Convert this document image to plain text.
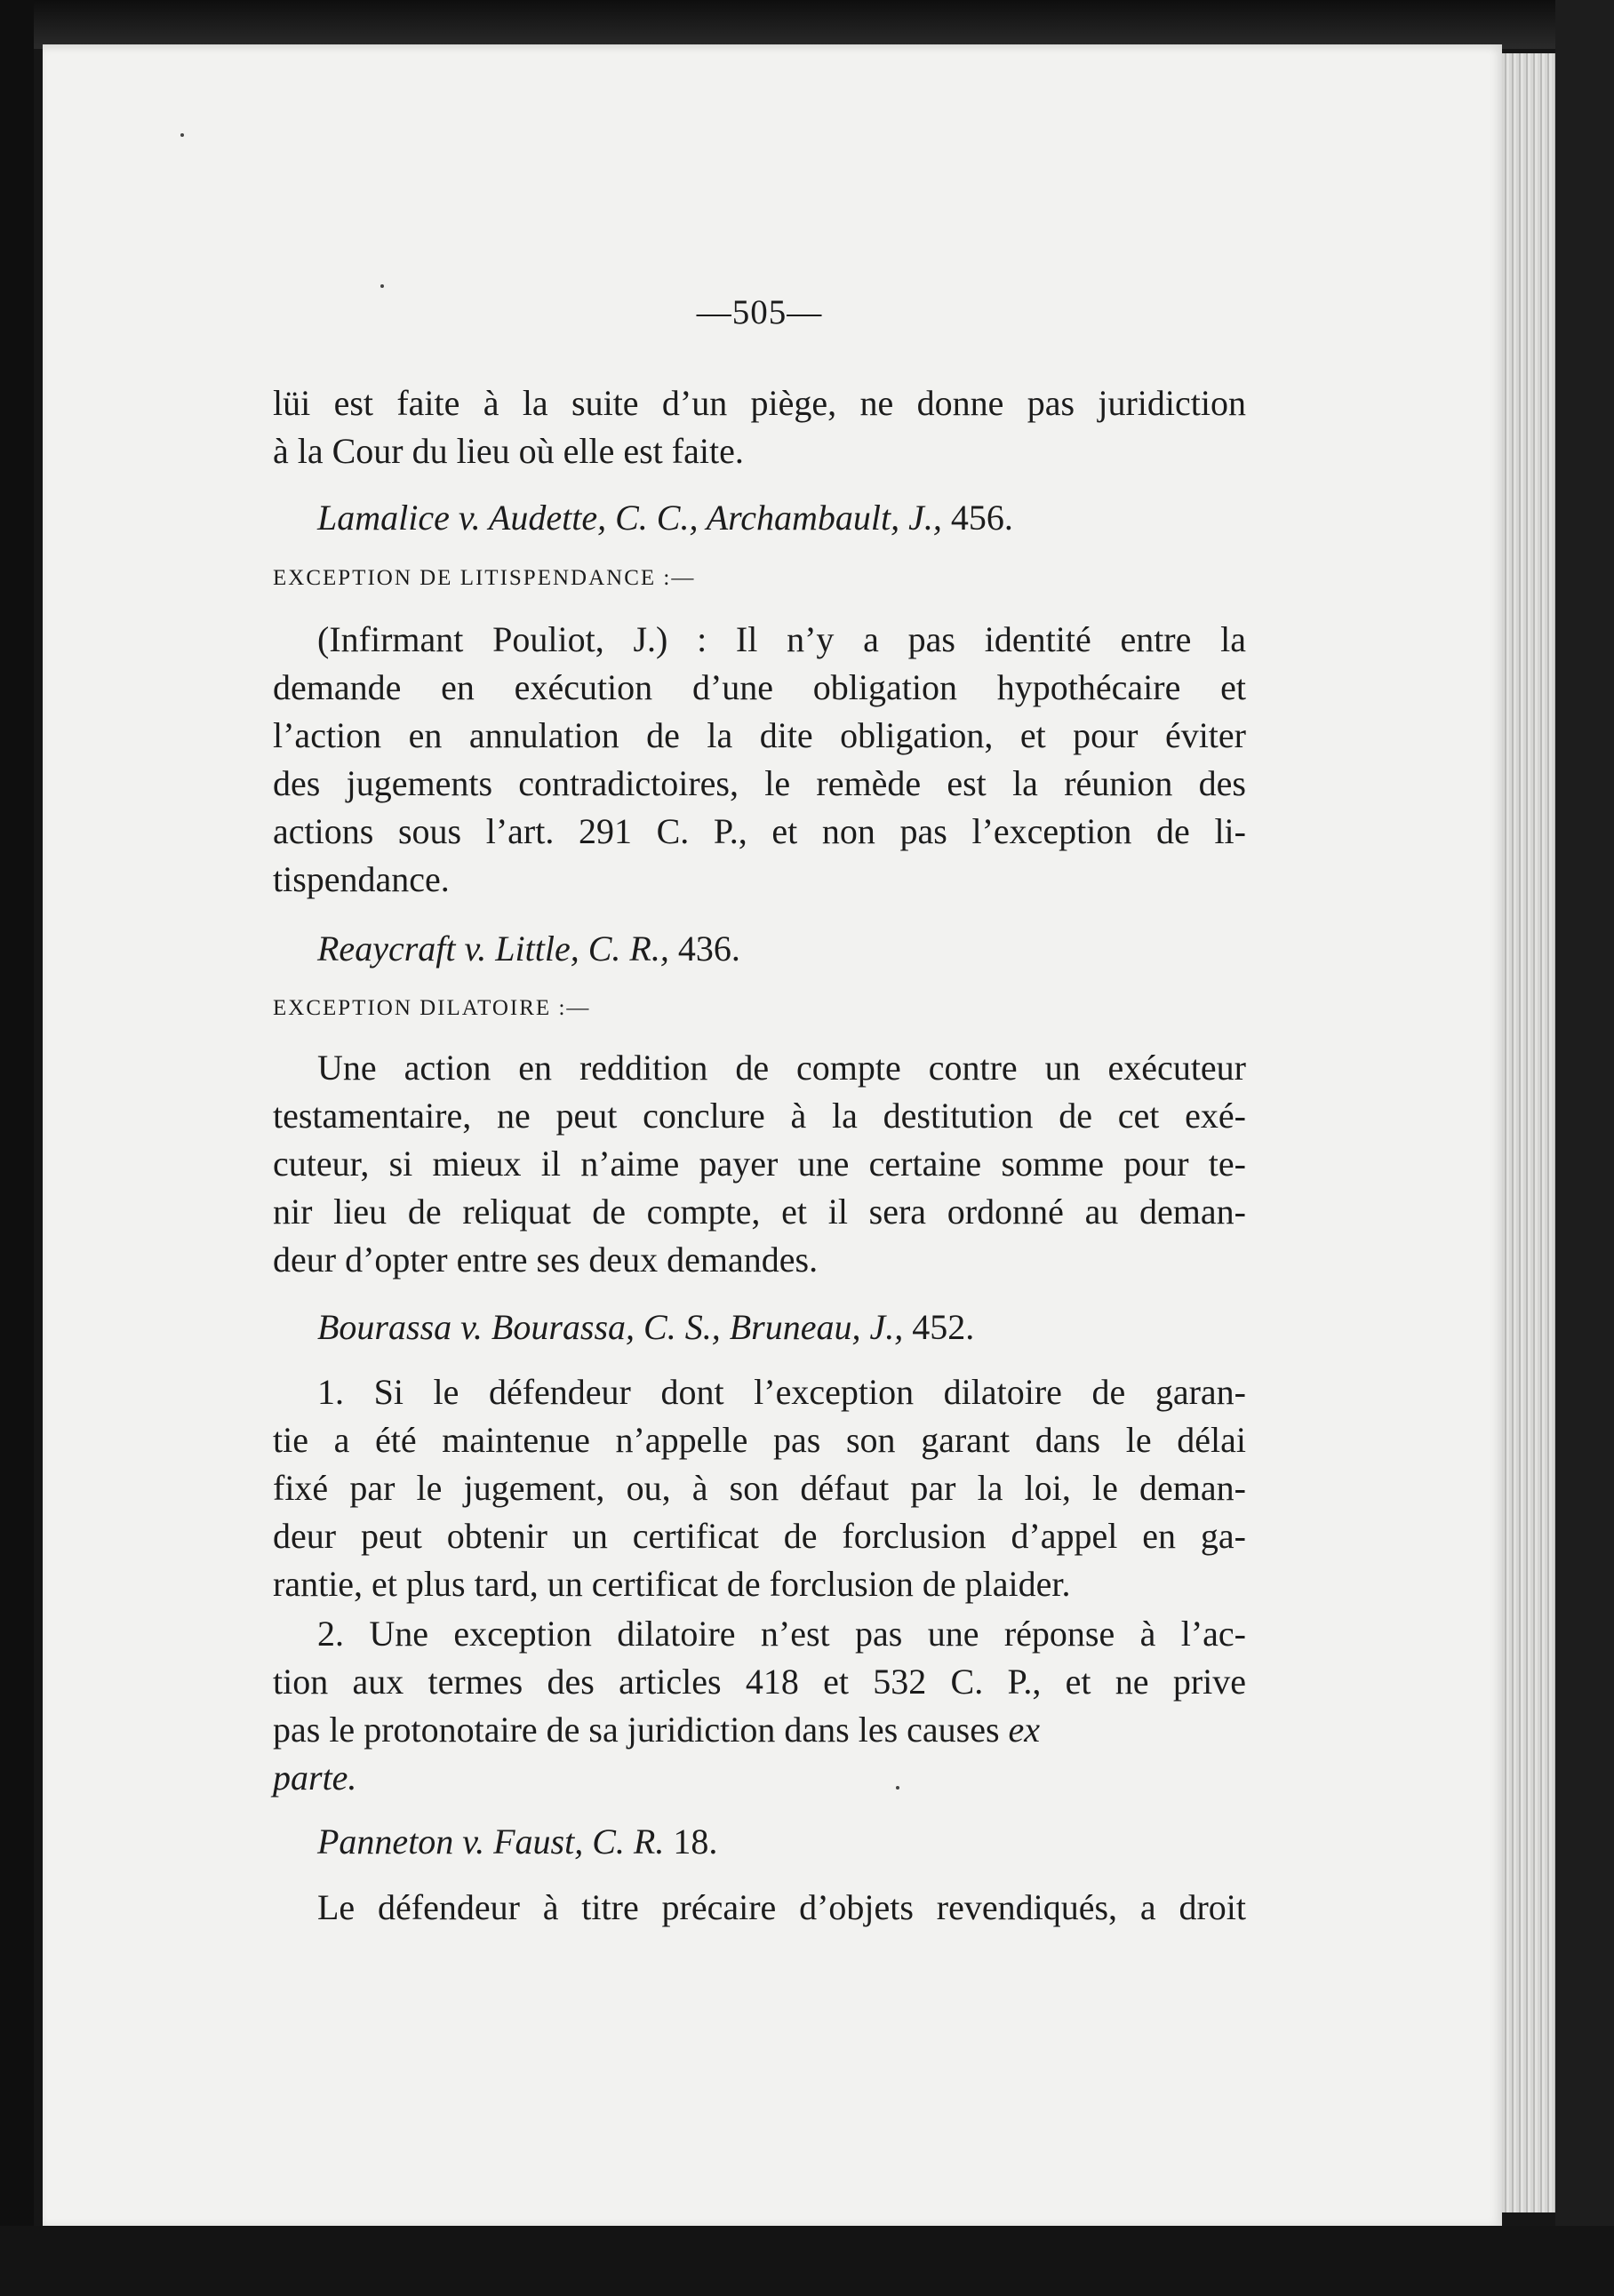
—505—
lüi est faite à la suite d’un piège, ne donne pas juridiction
à la Cour du lieu où elle est faite.
Lamalice v. Audette, C. C., Archambault, J., 456.
EXCEPTION DE LITISPENDANCE :—
(Infirmant Pouliot, J.) : Il n’y a pas identité entre la
demande en exécution d’une obligation hypothécaire et
l’action en annulation de la dite obligation, et pour éviter
des jugements contradictoires, le remède est la réunion des
actions sous l’art. 291 C. P., et non pas l’exception de li-
tispendance.
Reaycraft v. Little, C. R., 436.
EXCEPTION DILATOIRE :—
Une action en reddition de compte contre un exécuteur
testamentaire, ne peut conclure à la destitution de cet exé-
cuteur, si mieux il n’aime payer une certaine somme pour te-
nir lieu de reliquat de compte, et il sera ordonné au deman-
deur d’opter entre ses deux demandes.
Bourassa v. Bourassa, C. S., Bruneau, J., 452.
1. Si le défendeur dont l’exception dilatoire de garan-
tie a été maintenue n’appelle pas son garant dans le délai
fixé par le jugement, ou, à son défaut par la loi, le deman-
deur peut obtenir un certificat de forclusion d’appel en ga-
rantie, et plus tard, un certificat de forclusion de plaider.
2. Une exception dilatoire n’est pas une réponse à l’ac-
tion aux termes des articles 418 et 532 C. P., et ne prive
pas le protonotaire de sa juridiction dans les causes ex
parte.
Panneton v. Faust, C. R. 18.
Le défendeur à titre précaire d’objets revendiqués, a droit
